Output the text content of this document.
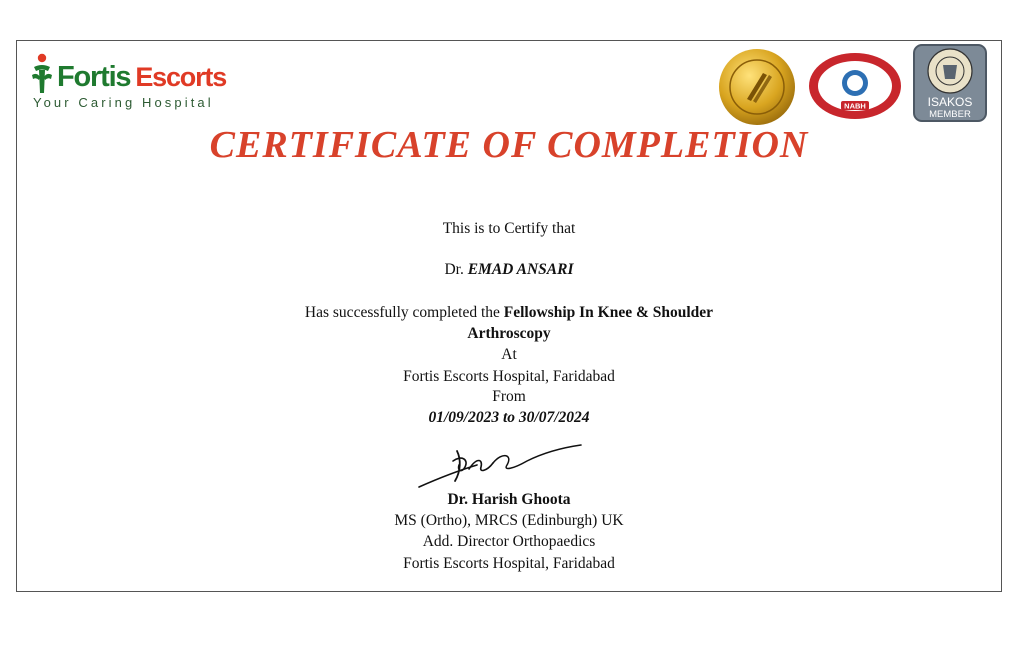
Fortis Escorts
Your Caring Hospital	NABH	ISAKOS
MEMBER
CERTIFICATE OF COMPLETION
This is to Certify that
Dr. EMAD ANSARI
Has successfully completed the Fellowship In Knee & Shoulder
Arthroscopy
At
Fortis Escorts Hospital, Faridabad
From
01/09/2023 to 30/07/2024
Dr. Harish Ghoota
MS (Ortho), MRCS (Edinburgh) UK
Add. Director Orthopaedics
Fortis Escorts Hospital, Faridabad
